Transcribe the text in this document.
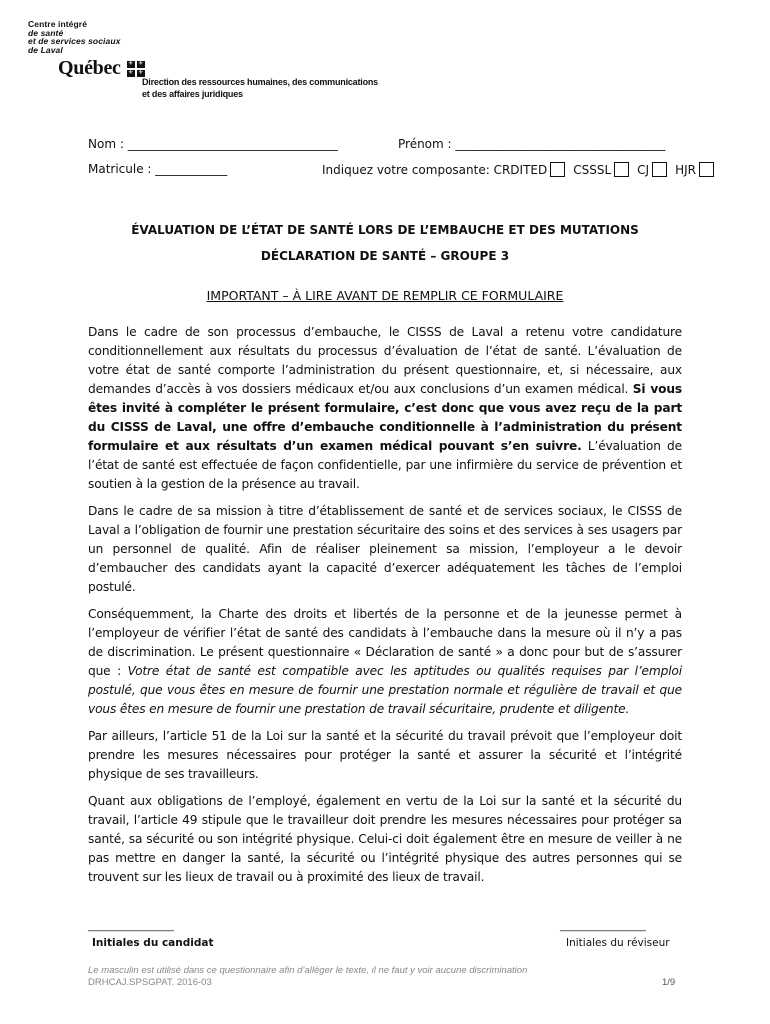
Centre intégré
de santé
et de services sociaux
de Laval
Québec ⚜ ⚜
⚜ ⚜
Direction des ressources humaines, des communications
et des affaires juridiques
Nom : ___________________________________	Prénom : ___________________________________
Matricule : ____________	Indiquez votre composante: CRDITED CSSSL CJ HJR
ÉVALUATION DE L’ÉTAT DE SANTÉ LORS DE L’EMBAUCHE ET DES MUTATIONS
DÉCLARATION DE SANTÉ – GROUPE 3
IMPORTANT – À LIRE AVANT DE REMPLIR CE FORMULAIRE

Dans le cadre de son processus d’embauche, le CISSS de Laval a retenu votre candidature conditionnellement aux résultats du processus d’évaluation de l’état de santé. L’évaluation de votre état de santé comporte l’administration du présent questionnaire, et, si nécessaire, aux demandes d’accès à vos dossiers médicaux et/ou aux conclusions d’un examen médical. Si vous êtes invité à compléter le présent formulaire, c’est donc que vous avez reçu de la part du CISSS de Laval, une offre d’embauche conditionnelle à l’administration du présent formulaire et aux résultats d’un examen médical pouvant s’en suivre. L’évaluation de l’état de santé est effectuée de façon confidentielle, par une infirmière du service de prévention et soutien à la gestion de la présence au travail.

Dans le cadre de sa mission à titre d’établissement de santé et de services sociaux, le CISSS de Laval a l’obligation de fournir une prestation sécuritaire des soins et des services à ses usagers par un personnel de qualité. Afin de réaliser pleinement sa mission, l’employeur a le devoir d’embaucher des candidats ayant la capacité d’exercer adéquatement les tâches de l’emploi postulé.

Conséquemment, la Charte des droits et libertés de la personne et de la jeunesse permet à l’employeur de vérifier l’état de santé des candidats à l’embauche dans la mesure où il n’y a pas de discrimination. Le présent questionnaire « Déclaration de santé » a donc pour but de s’assurer que : Votre état de santé est compatible avec les aptitudes ou qualités requises par l’emploi postulé, que vous êtes en mesure de fournir une prestation normale et régulière de travail et que vous êtes en mesure de fournir une prestation de travail sécuritaire, prudente et diligente.

Par ailleurs, l’article 51 de la Loi sur la santé et la sécurité du travail prévoit que l’employeur doit prendre les mesures nécessaires pour protéger la santé et assurer la sécurité et l’intégrité physique de ses travailleurs.

Quant aux obligations de l’employé, également en vertu de la Loi sur la santé et la sécurité du travail, l’article 49 stipule que le travailleur doit prendre les mesures nécessaires pour protéger sa santé, sa sécurité ou son intégrité physique. Celui-ci doit également être en mesure de veiller à ne pas mettre en danger la santé, la sécurité ou l’intégrité physique des autres personnes qui se trouvent sur les lieux de travail ou à proximité des lieux de travail.

___________________	___________________
Initiales du candidat	Initiales du réviseur
Le masculin est utilisé dans ce questionnaire afin d’alléger le texte, il ne faut y voir aucune discrimination
DRHCAJ.SPSGPAT. 2016-03	1/9
